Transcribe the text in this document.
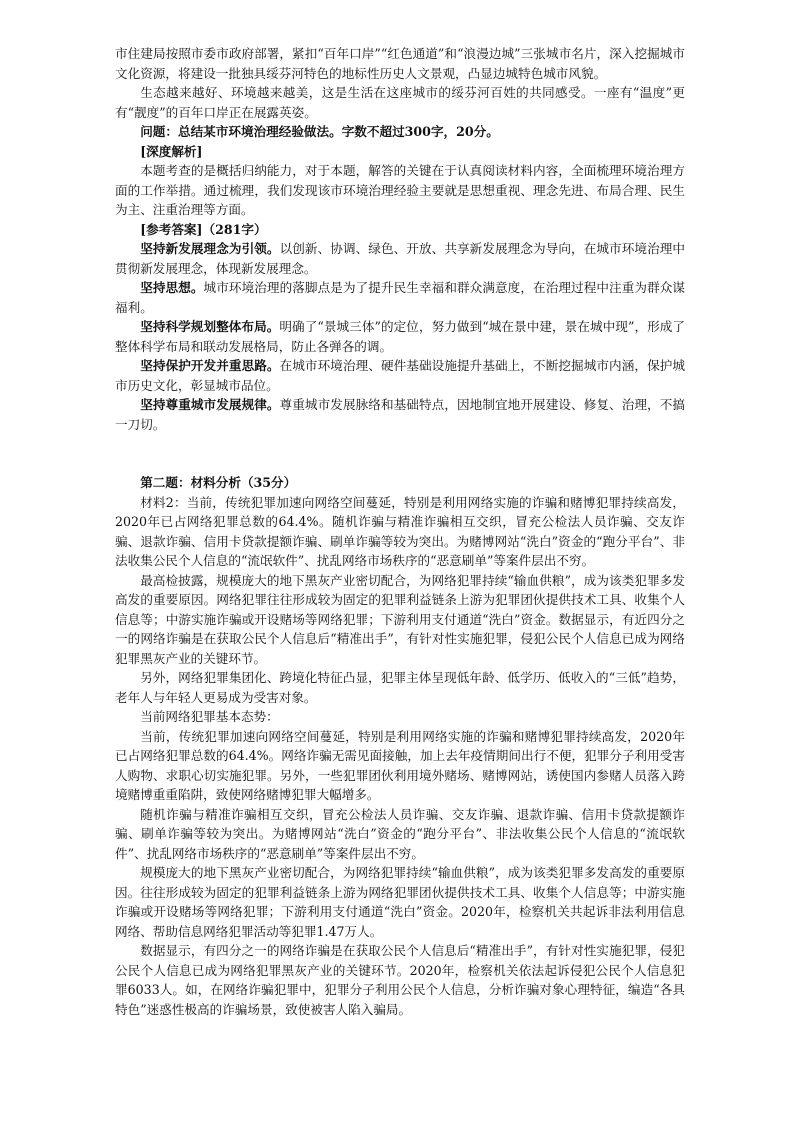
市住建局按照市委市政府部署，紧扣“百年口岸”“红色通道”和“浪漫边城”三张城市名片，深入挖掘城市文化资源，将建设一批独具绥芬河特色的地标性历史人文景观，凸显边城特色城市风貌。

生态越来越好、环境越来越美，这是生活在这座城市的绥芬河百姓的共同感受。一座有“温度”更有“靓度”的百年口岸正在展露英姿。

问题：总结某市环境治理经验做法。字数不超过300字，20分。

[深度解析]

本题考查的是概括归纳能力，对于本题，解答的关键在于认真阅读材料内容，全面梳理环境治理方面的工作举措。通过梳理，我们发现该市环境治理经验主要就是思想重视、理念先进、布局合理、民生为主、注重治理等方面。

[参考答案]（281字）

坚持新发展理念为引领。以创新、协调、绿色、开放、共享新发展理念为导向，在城市环境治理中贯彻新发展理念，体现新发展理念。

坚持思想。城市环境治理的落脚点是为了提升民生幸福和群众满意度，在治理过程中注重为群众谋福利。

坚持科学规划整体布局。明确了“景城三体”的定位，努力做到“城在景中建，景在城中现”，形成了整体科学布局和联动发展格局，防止各弹各的调。

坚持保护开发并重思路。在城市环境治理、硬件基础设施提升基础上，不断挖掘城市内涵，保护城市历史文化，彰显城市品位。

坚持尊重城市发展规律。尊重城市发展脉络和基础特点，因地制宜地开展建设、修复、治理，不搞一刀切。

第二题：材料分析（35分）

材料2：当前，传统犯罪加速向网络空间蔓延，特别是利用网络实施的诈骗和赌博犯罪持续高发，2020年已占网络犯罪总数的64.4%。随机诈骗与精准诈骗相互交织，冒充公检法人员诈骗、交友诈骗、退款诈骗、信用卡贷款提额诈骗、刷单诈骗等较为突出。为赌博网站“洗白”资金的“跑分平台”、非法收集公民个人信息的“流氓软件”、扰乱网络市场秩序的“恶意刷单”等案件层出不穷。

最高检披露，规模庞大的地下黑灰产业密切配合，为网络犯罪持续“输血供粮”，成为该类犯罪多发高发的重要原因。网络犯罪往往形成较为固定的犯罪利益链条上游为犯罪团伙提供技术工具、收集个人信息等；中游实施诈骗或开设赌场等网络犯罪；下游利用支付通道“洗白”资金。数据显示，有近四分之一的网络诈骗是在获取公民个人信息后“精准出手”，有针对性实施犯罪，侵犯公民个人信息已成为网络犯罪黑灰产业的关键环节。

另外，网络犯罪集团化、跨境化特征凸显，犯罪主体呈现低年龄、低学历、低收入的“三低”趋势，老年人与年轻人更易成为受害对象。

当前网络犯罪基本态势：

当前，传统犯罪加速向网络空间蔓延，特别是利用网络实施的诈骗和赌博犯罪持续高发，2020年已占网络犯罪总数的64.4%。网络诈骗无需见面接触，加上去年疫情期间出行不便，犯罪分子利用受害人购物、求职心切实施犯罪。另外，一些犯罪团伙利用境外赌场、赌博网站，诱使国内参赌人员落入跨境赌博重重陷阱，致使网络赌博犯罪大幅增多。

随机诈骗与精准诈骗相互交织，冒充公检法人员诈骗、交友诈骗、退款诈骗、信用卡贷款提额诈骗、刷单诈骗等较为突出。为赌博网站“洗白”资金的“跑分平台”、非法收集公民个人信息的“流氓软件”、扰乱网络市场秩序的“恶意刷单”等案件层出不穷。

规模庞大的地下黑灰产业密切配合，为网络犯罪持续“输血供粮”，成为该类犯罪多发高发的重要原因。往往形成较为固定的犯罪利益链条上游为网络犯罪团伙提供技术工具、收集个人信息等；中游实施诈骗或开设赌场等网络犯罪；下游利用支付通道“洗白”资金。2020年，检察机关共起诉非法利用信息网络、帮助信息网络犯罪活动等犯罪1.47万人。

数据显示，有四分之一的网络诈骗是在获取公民个人信息后“精准出手”，有针对性实施犯罪，侵犯公民个人信息已成为网络犯罪黑灰产业的关键环节。2020年，检察机关依法起诉侵犯公民个人信息犯罪6033人。如，在网络诈骗犯罪中，犯罪分子利用公民个人信息，分析诈骗对象心理特征，编造“各具特色”迷惑性极高的诈骗场景，致使被害人陷入骗局。
